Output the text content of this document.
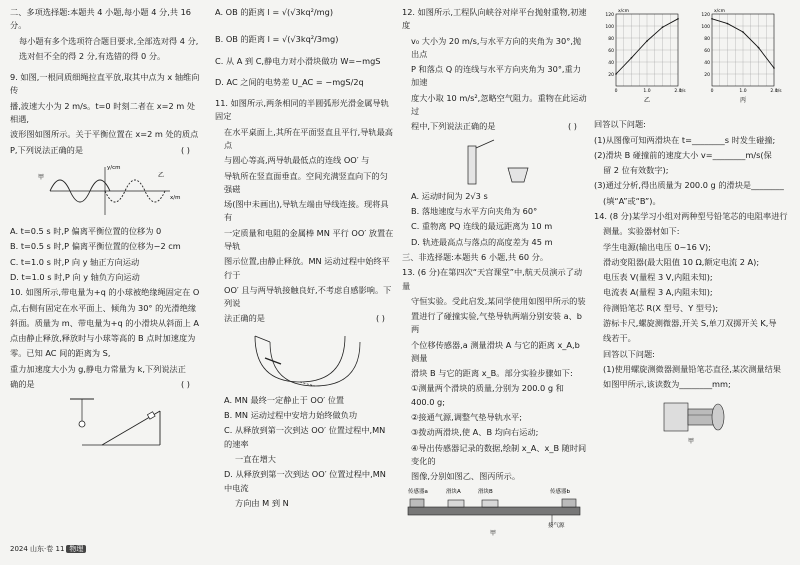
二、多项选择题:本题共 4 小题,每小题 4 分,共 16 分。

每小题有多个选项符合题目要求,全部选对得 4 分,

选对但不全的得 2 分,有选错的得 0 分。

9. 如图,一根同质细绳拉直平放,取其中点为 x 轴维向传

播,波速大小为 2 m/s。t=0 时刻二者在 x=2 m 处相遇,

波形图如图所示。关于平衡位置在 x=2 m 处的质点

P,下列说法正确的是	( )

甲	乙
y/cm
x/m

A. t=0.5 s 时,P 偏离平衡位置的位移为 0

B. t=0.5 s 时,P 偏离平衡位置的位移为−2 cm

C. t=1.0 s 时,P 向 y 轴正方向运动

D. t=1.0 s 时,P 向 y 轴负方向运动

10. 如图所示,带电量为+q 的小球被绝缘绳固定在 O

点,右侧有固定在水平面上、倾角为 30° 的光滑绝缘

斜面。质量为 m、带电量为+q 的小滑块从斜面上 A

点由静止释放,释放时与小球等高的 B 点时加速度为

零。已知 AC 间的距离为 S,

重力加速度大小为 g,静电力常量为 k,下列说法正

确的是	( )

A. OB 的距离 l = √(√3kq²/mg)

B. OB 的距离 l = √(√3kq²/3mg)

C. 从 A 到 C,静电力对小滑块做功 W=−mgS

D. AC 之间的电势差 U_AC = −mgS/2q

11. 如图所示,两条相同的半圆弧形光滑金属导轨固定

在水平桌面上,其所在平面竖直且平行,导轨最高点

与圆心等高,两导轨最低点的连线 OO′ 与

导轨所在竖直面垂直。空间充满竖直向下的匀强磁

场(图中未画出),导轨左端由导线连接。现将具有

一定质量和电阻的金属棒 MN 平行 OO′ 放置在导轨

图示位置,由静止释放。MN 运动过程中始终平行于

OO′ 且与两导轨接触良好,不考虑自感影响。下列说

法正确的是	( )

A. MN 最终一定静止于 OO′ 位置

B. MN 运动过程中安培力始终做负功

C. 从释放到第一次到达 OO′ 位置过程中,MN 的速率

一直在增大

D. 从释放到第一次到达 OO′ 位置过程中,MN 中电流

方向由 M 到 N

12. 如图所示,工程队向峡谷对岸平台抛射重物,初速度

v₀ 大小为 20 m/s,与水平方向的夹角为 30°,抛出点

P 和落点 Q 的连线与水平方向夹角为 30°,重力加速

度大小取 10 m/s²,忽略空气阻力。重物在此运动过

程中,下列说法正确的是	( )

A. 运动时间为 2√3 s

B. 落地速度与水平方向夹角为 60°

C. 重物离 PQ 连线的最远距离为 10 m

D. 轨迹最高点与落点的高度差为 45 m

三、非选择题:本题共 6 小题,共 60 分。

13. (6 分)在第四次“天宫课堂”中,航天员演示了动量

守恒实验。受此启发,某同学使用如图甲所示的装

置进行了碰撞实验,气垫导轨两端分别安装 a、b 两

个位移传感器,a 测量滑块 A 与它的距离 x_A,b 测量

滑块 B 与它的距离 x_B。部分实验步骤如下:

①测量两个滑块的质量,分别为 200.0 g 和 400.0 g;

②接通气源,调整气垫导轨水平;

③拨动两滑块,使 A、B 均向右运动;

④导出传感器记录的数据,绘制 x_A、x_B 随时间变化的

图像,分别如图乙、图丙所示。

传感器a	滑块A	滑块B	传感器b
接气源
甲
20
40
60
80
100
120
0	1.0	2.0
x/cm
t/s
乙
20
40
60
80
100
120
0	1.0	2.0
x/cm
t/s
丙

回答以下问题:

(1)从图像可知两滑块在 t=________s 时发生碰撞;

(2)滑块 B 碰撞前的速度大小 v=________m/s(保

留 2 位有效数字);

(3)通过分析,得出质量为 200.0 g 的滑块是________

(填“A”或“B”)。

14. (8 分)某学习小组对两种型号铅笔芯的电阻率进行

测量。实验器材如下:

学生电源(输出电压 0~16 V);

滑动变阻器(最大阻值 10 Ω,额定电流 2 A);

电压表 V(量程 3 V,内阻未知);

电流表 A(量程 3 A,内阻未知);

待测铅笔芯 R(X 型号、Y 型号);

游标卡尺,螺旋测微器,开关 S,单刀双掷开关 K,导

线若干。

回答以下问题:

(1)使用螺旋测微器测量铅笔芯直径,某次测量结果

如图甲所示,该读数为________mm;

甲
2024 山东·卷 11 物理
